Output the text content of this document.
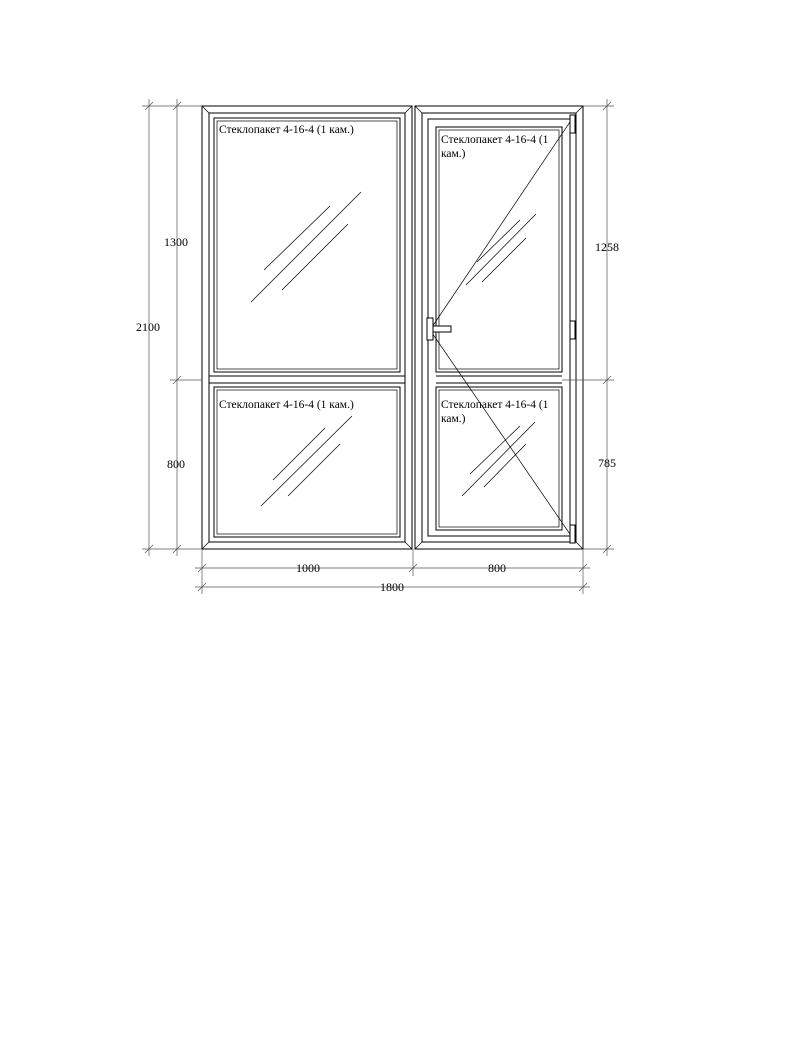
2100
1300
800
1258
785
1000	800
1800
Стеклопакет 4-16-4 (1 кам.)
Стеклопакет 4-16-4 (1 кам.)
Стеклопакет 4-16-4 (1
кам.)
Стеклопакет 4-16-4 (1
кам.)
